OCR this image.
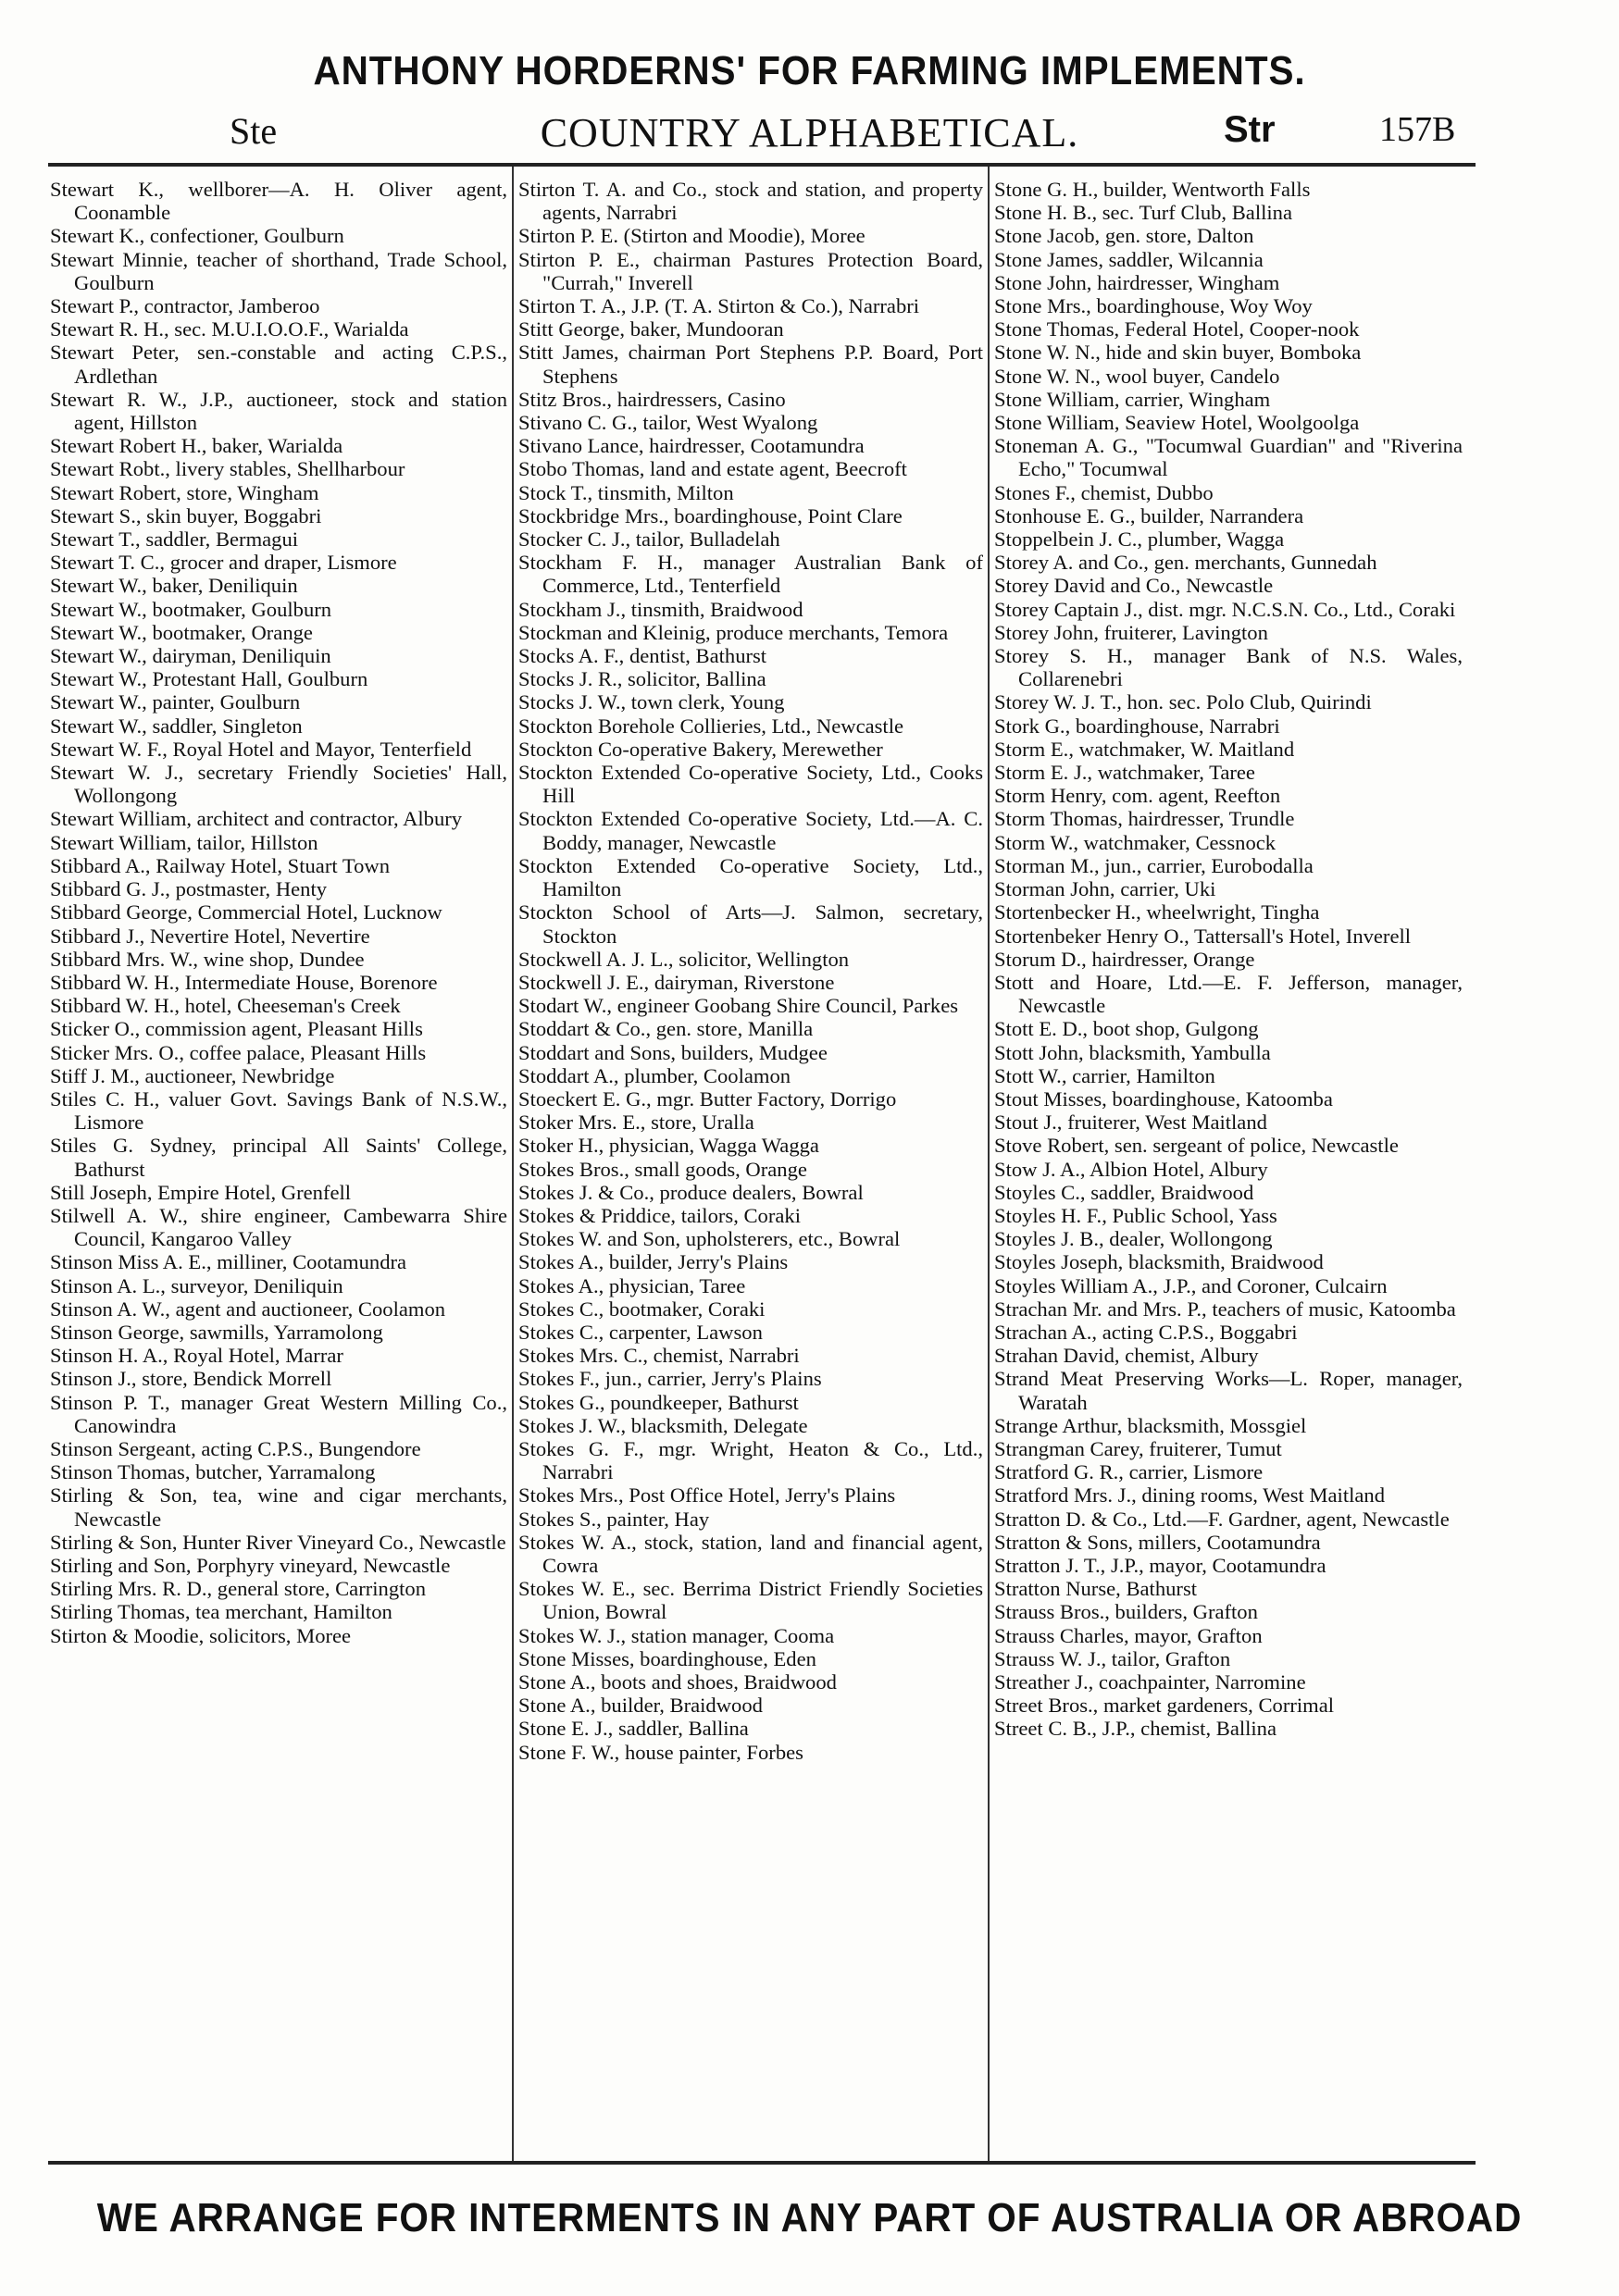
ANTHONY HORDERNS' FOR FARMING IMPLEMENTS.
Ste	COUNTRY ALPHABETICAL.	Str	157B

Stewart K., wellborer—A. H. Oliver agent, Coonamble

Stewart K., confectioner, Goulburn

Stewart Minnie, teacher of shorthand, Trade School, Goulburn

Stewart P., contractor, Jamberoo

Stewart R. H., sec. M.U.I.O.O.F., Warialda

Stewart Peter, sen.-constable and acting C.P.S., Ardlethan

Stewart R. W., J.P., auctioneer, stock and station agent, Hillston

Stewart Robert H., baker, Warialda

Stewart Robt., livery stables, Shellharbour

Stewart Robert, store, Wingham

Stewart S., skin buyer, Boggabri

Stewart T., saddler, Bermagui

Stewart T. C., grocer and draper, Lismore

Stewart W., baker, Deniliquin

Stewart W., bootmaker, Goulburn

Stewart W., bootmaker, Orange

Stewart W., dairyman, Deniliquin

Stewart W., Protestant Hall, Goulburn

Stewart W., painter, Goulburn

Stewart W., saddler, Singleton

Stewart W. F., Royal Hotel and Mayor, Tenterfield

Stewart W. J., secretary Friendly Societies' Hall, Wollongong

Stewart William, architect and contractor, Albury

Stewart William, tailor, Hillston

Stibbard A., Railway Hotel, Stuart Town

Stibbard G. J., postmaster, Henty

Stibbard George, Commercial Hotel, Lucknow

Stibbard J., Nevertire Hotel, Nevertire

Stibbard Mrs. W., wine shop, Dundee

Stibbard W. H., Intermediate House, Borenore

Stibbard W. H., hotel, Cheeseman's Creek

Sticker O., commission agent, Pleasant Hills

Sticker Mrs. O., coffee palace, Pleasant Hills

Stiff J. M., auctioneer, Newbridge

Stiles C. H., valuer Govt. Savings Bank of N.S.W., Lismore

Stiles G. Sydney, principal All Saints' College, Bathurst

Still Joseph, Empire Hotel, Grenfell

Stilwell A. W., shire engineer, Cambewarra Shire Council, Kangaroo Valley

Stinson Miss A. E., milliner, Cootamundra

Stinson A. L., surveyor, Deniliquin

Stinson A. W., agent and auctioneer, Coolamon

Stinson George, sawmills, Yarramolong

Stinson H. A., Royal Hotel, Marrar

Stinson J., store, Bendick Morrell

Stinson P. T., manager Great Western Milling Co., Canowindra

Stinson Sergeant, acting C.P.S., Bungendore

Stinson Thomas, butcher, Yarramalong

Stirling & Son, tea, wine and cigar merchants, Newcastle

Stirling & Son, Hunter River Vineyard Co., Newcastle

Stirling and Son, Porphyry vineyard, Newcastle

Stirling Mrs. R. D., general store, Carrington

Stirling Thomas, tea merchant, Hamilton

Stirton & Moodie, solicitors, Moree

Stirton T. A. and Co., stock and station, and property agents, Narrabri

Stirton P. E. (Stirton and Moodie), Moree

Stirton P. E., chairman Pastures Protection Board, "Currah," Inverell

Stirton T. A., J.P. (T. A. Stirton & Co.), Narrabri

Stitt George, baker, Mundooran

Stitt James, chairman Port Stephens P.P. Board, Port Stephens

Stitz Bros., hairdressers, Casino

Stivano C. G., tailor, West Wyalong

Stivano Lance, hairdresser, Cootamundra

Stobo Thomas, land and estate agent, Beecroft

Stock T., tinsmith, Milton

Stockbridge Mrs., boardinghouse, Point Clare

Stocker C. J., tailor, Bulladelah

Stockham F. H., manager Australian Bank of Commerce, Ltd., Tenterfield

Stockham J., tinsmith, Braidwood

Stockman and Kleinig, produce merchants, Temora

Stocks A. F., dentist, Bathurst

Stocks J. R., solicitor, Ballina

Stocks J. W., town clerk, Young

Stockton Borehole Collieries, Ltd., Newcastle

Stockton Co-operative Bakery, Merewether

Stockton Extended Co-operative Society, Ltd., Cooks Hill

Stockton Extended Co-operative Society, Ltd.—A. C. Boddy, manager, Newcastle

Stockton Extended Co-operative Society, Ltd., Hamilton

Stockton School of Arts—J. Salmon, secretary, Stockton

Stockwell A. J. L., solicitor, Wellington

Stockwell J. E., dairyman, Riverstone

Stodart W., engineer Goobang Shire Council, Parkes

Stoddart & Co., gen. store, Manilla

Stoddart and Sons, builders, Mudgee

Stoddart A., plumber, Coolamon

Stoeckert E. G., mgr. Butter Factory, Dorrigo

Stoker Mrs. E., store, Uralla

Stoker H., physician, Wagga Wagga

Stokes Bros., small goods, Orange

Stokes J. & Co., produce dealers, Bowral

Stokes & Priddice, tailors, Coraki

Stokes W. and Son, upholsterers, etc., Bowral

Stokes A., builder, Jerry's Plains

Stokes A., physician, Taree

Stokes C., bootmaker, Coraki

Stokes C., carpenter, Lawson

Stokes Mrs. C., chemist, Narrabri

Stokes F., jun., carrier, Jerry's Plains

Stokes G., poundkeeper, Bathurst

Stokes J. W., blacksmith, Delegate

Stokes G. F., mgr. Wright, Heaton & Co., Ltd., Narrabri

Stokes Mrs., Post Office Hotel, Jerry's Plains

Stokes S., painter, Hay

Stokes W. A., stock, station, land and financial agent, Cowra

Stokes W. E., sec. Berrima District Friendly Societies Union, Bowral

Stokes W. J., station manager, Cooma

Stone Misses, boardinghouse, Eden

Stone A., boots and shoes, Braidwood

Stone A., builder, Braidwood

Stone E. J., saddler, Ballina

Stone F. W., house painter, Forbes

Stone G. H., builder, Wentworth Falls

Stone H. B., sec. Turf Club, Ballina

Stone Jacob, gen. store, Dalton

Stone James, saddler, Wilcannia

Stone John, hairdresser, Wingham

Stone Mrs., boardinghouse, Woy Woy

Stone Thomas, Federal Hotel, Cooper-nook

Stone W. N., hide and skin buyer, Bomboka

Stone W. N., wool buyer, Candelo

Stone William, carrier, Wingham

Stone William, Seaview Hotel, Woolgoolga

Stoneman A. G., "Tocumwal Guardian" and "Riverina Echo," Tocumwal

Stones F., chemist, Dubbo

Stonhouse E. G., builder, Narrandera

Stoppelbein J. C., plumber, Wagga

Storey A. and Co., gen. merchants, Gunnedah

Storey David and Co., Newcastle

Storey Captain J., dist. mgr. N.C.S.N. Co., Ltd., Coraki

Storey John, fruiterer, Lavington

Storey S. H., manager Bank of N.S. Wales, Collarenebri

Storey W. J. T., hon. sec. Polo Club, Quirindi

Stork G., boardinghouse, Narrabri

Storm E., watchmaker, W. Maitland

Storm E. J., watchmaker, Taree

Storm Henry, com. agent, Reefton

Storm Thomas, hairdresser, Trundle

Storm W., watchmaker, Cessnock

Storman M., jun., carrier, Eurobodalla

Storman John, carrier, Uki

Stortenbecker H., wheelwright, Tingha

Stortenbeker Henry O., Tattersall's Hotel, Inverell

Storum D., hairdresser, Orange

Stott and Hoare, Ltd.—E. F. Jefferson, manager, Newcastle

Stott E. D., boot shop, Gulgong

Stott John, blacksmith, Yambulla

Stott W., carrier, Hamilton

Stout Misses, boardinghouse, Katoomba

Stout J., fruiterer, West Maitland

Stove Robert, sen. sergeant of police, Newcastle

Stow J. A., Albion Hotel, Albury

Stoyles C., saddler, Braidwood

Stoyles H. F., Public School, Yass

Stoyles J. B., dealer, Wollongong

Stoyles Joseph, blacksmith, Braidwood

Stoyles William A., J.P., and Coroner, Culcairn

Strachan Mr. and Mrs. P., teachers of music, Katoomba

Strachan A., acting C.P.S., Boggabri

Strahan David, chemist, Albury

Strand Meat Preserving Works—L. Roper, manager, Waratah

Strange Arthur, blacksmith, Mossgiel

Strangman Carey, fruiterer, Tumut

Stratford G. R., carrier, Lismore

Stratford Mrs. J., dining rooms, West Maitland

Stratton D. & Co., Ltd.—F. Gardner, agent, Newcastle

Stratton & Sons, millers, Cootamundra

Stratton J. T., J.P., mayor, Cootamundra

Stratton Nurse, Bathurst

Strauss Bros., builders, Grafton

Strauss Charles, mayor, Grafton

Strauss W. J., tailor, Grafton

Streather J., coachpainter, Narromine

Street Bros., market gardeners, Corrimal

Street C. B., J.P., chemist, Ballina

WE ARRANGE FOR INTERMENTS IN ANY PART OF AUSTRALIA OR ABROAD
